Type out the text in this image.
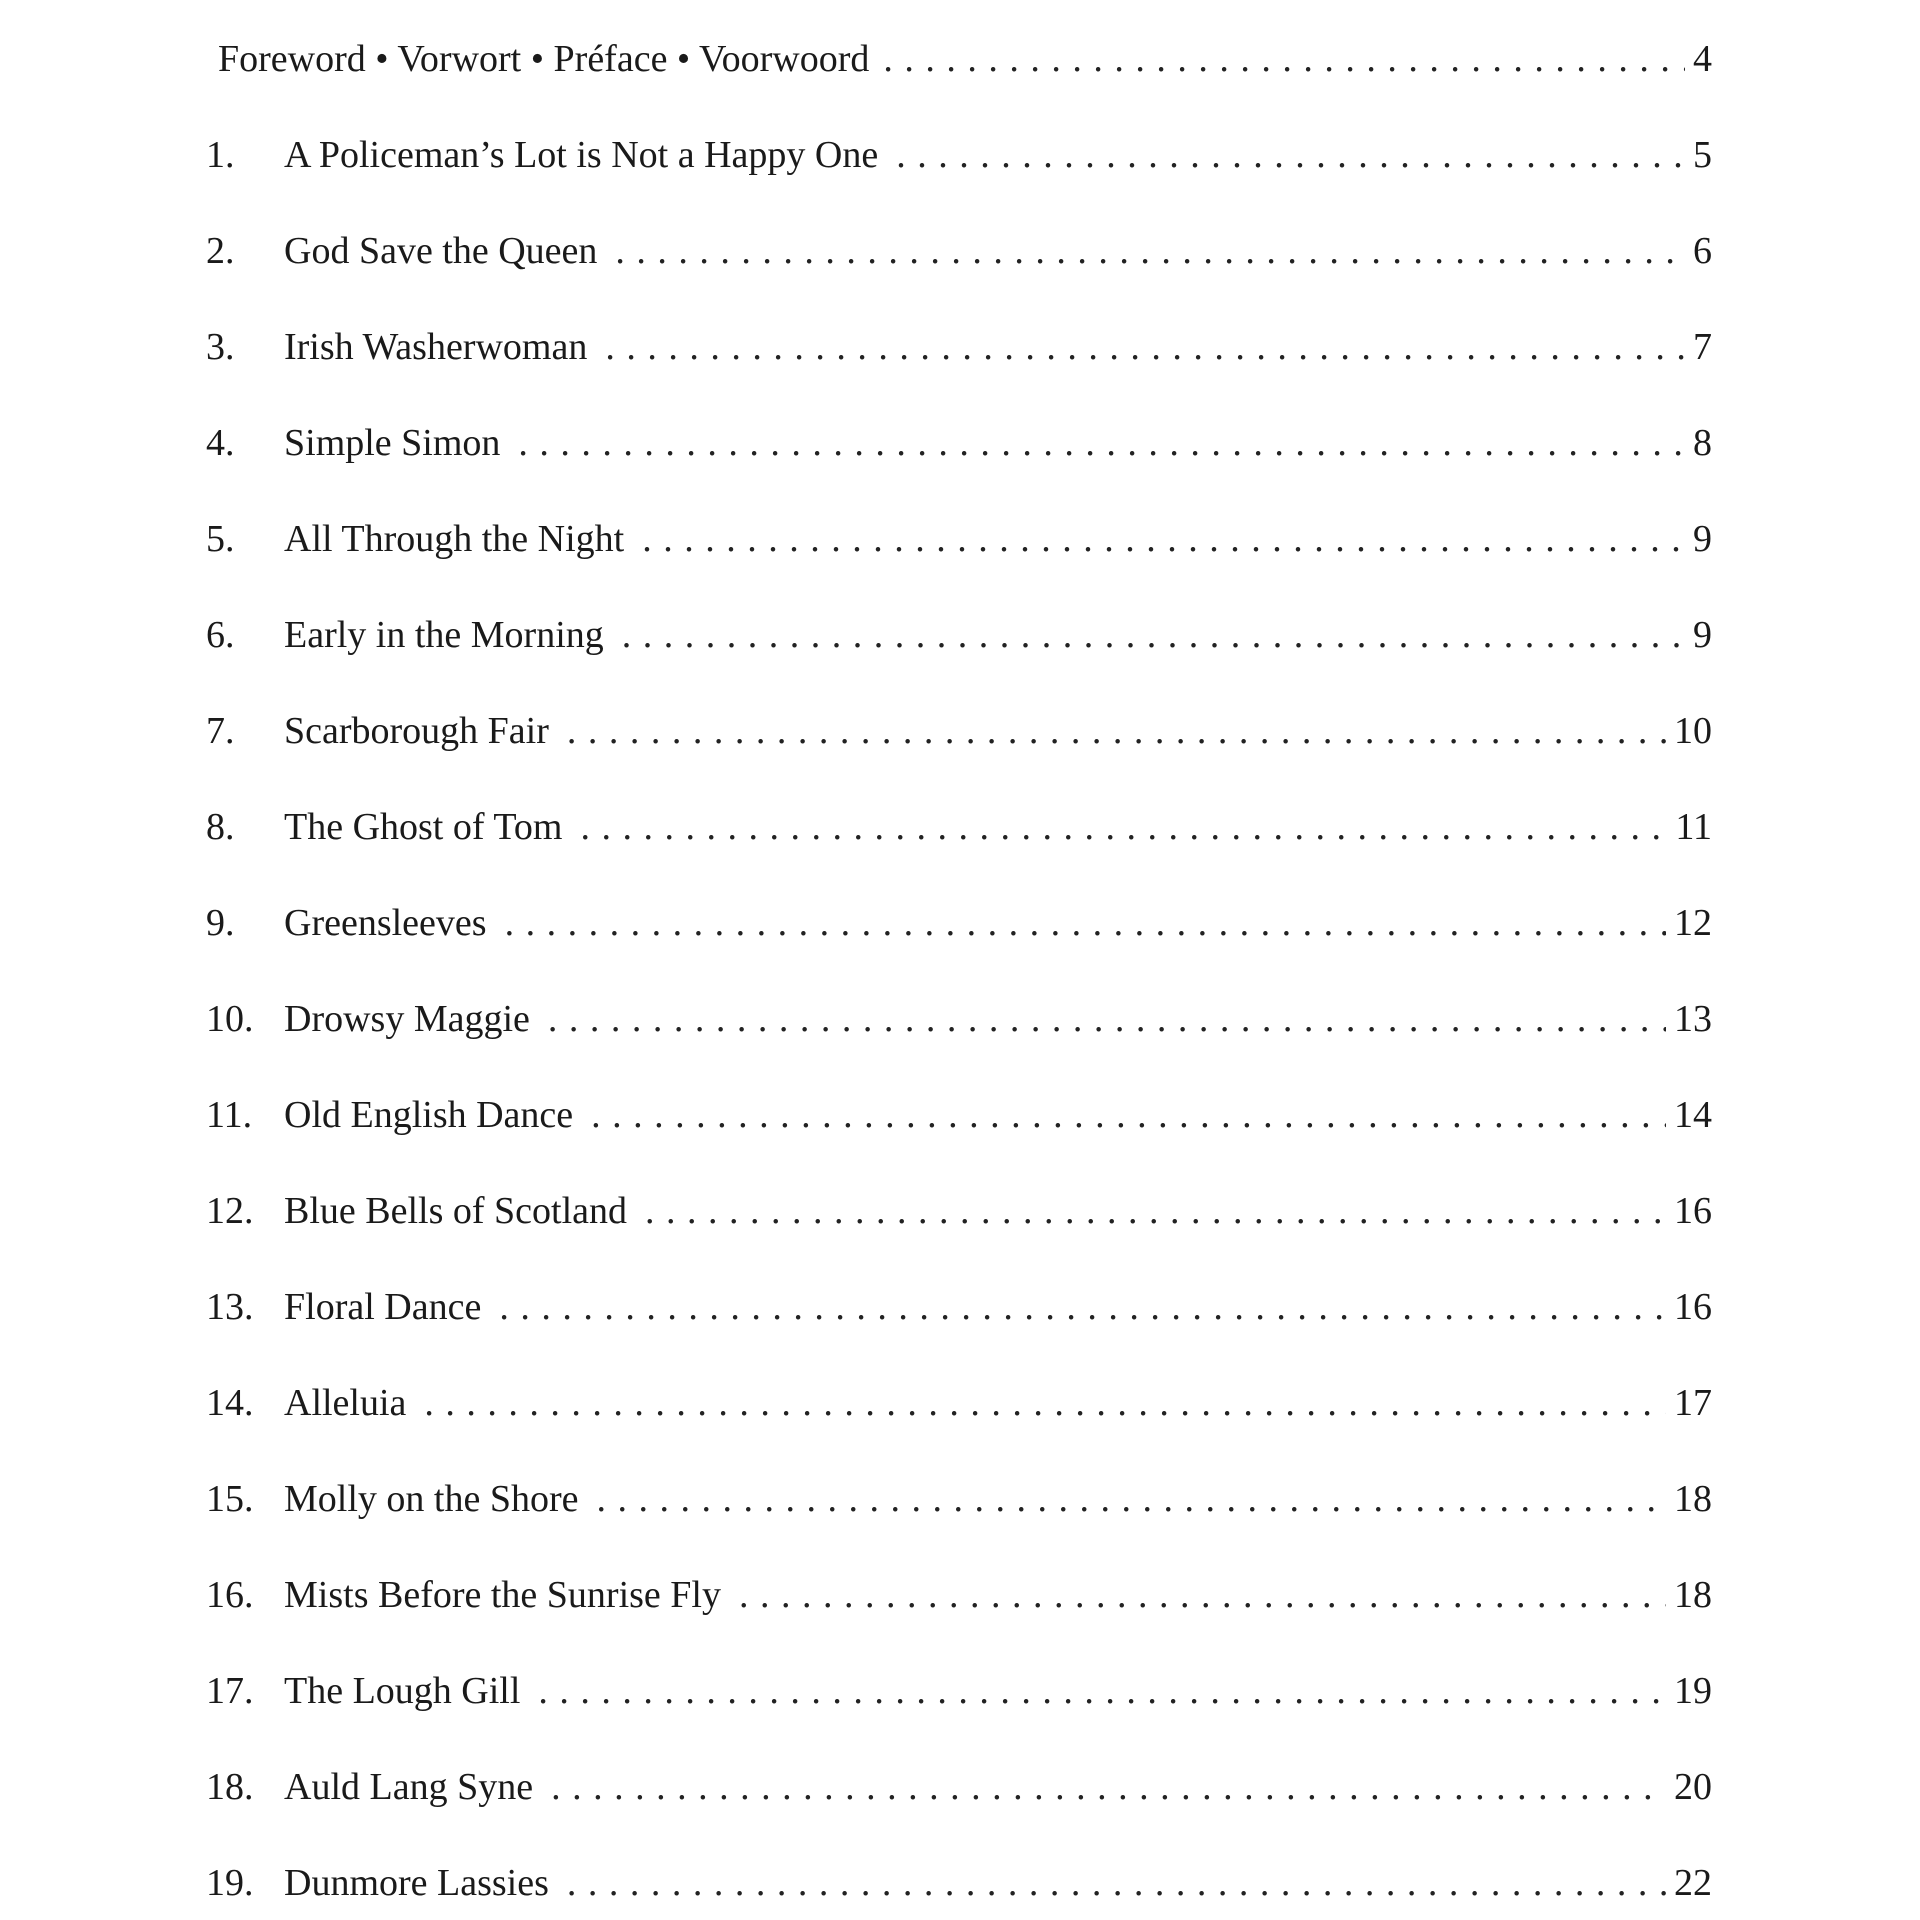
Foreword • Vorwort • Préface • Voorwoord . . .	4
1.	A Policeman’s Lot is Not a Happy One . . .	5
2.	God Save the Queen . . .	6
3.	Irish Washerwoman . . .	7
4.	Simple Simon . . .	8
5.	All Through the Night . . .	9
6.	Early in the Morning . . .	9
7.	Scarborough Fair . . .	10
8.	The Ghost of Tom . . .	11
9.	Greensleeves . . .	12
10. Drowsy Maggie . . .	13
11. Old English Dance . . .	14
12. Blue Bells of Scotland . . .	16
13. Floral Dance . . .	16
14. Alleluia . . .	17
15. Molly on the Shore . . .	18
16. Mists Before the Sunrise Fly . . .	18
17. The Lough Gill . . .	19
18. Auld Lang Syne . . .	20
19. Dunmore Lassies . . .	22
